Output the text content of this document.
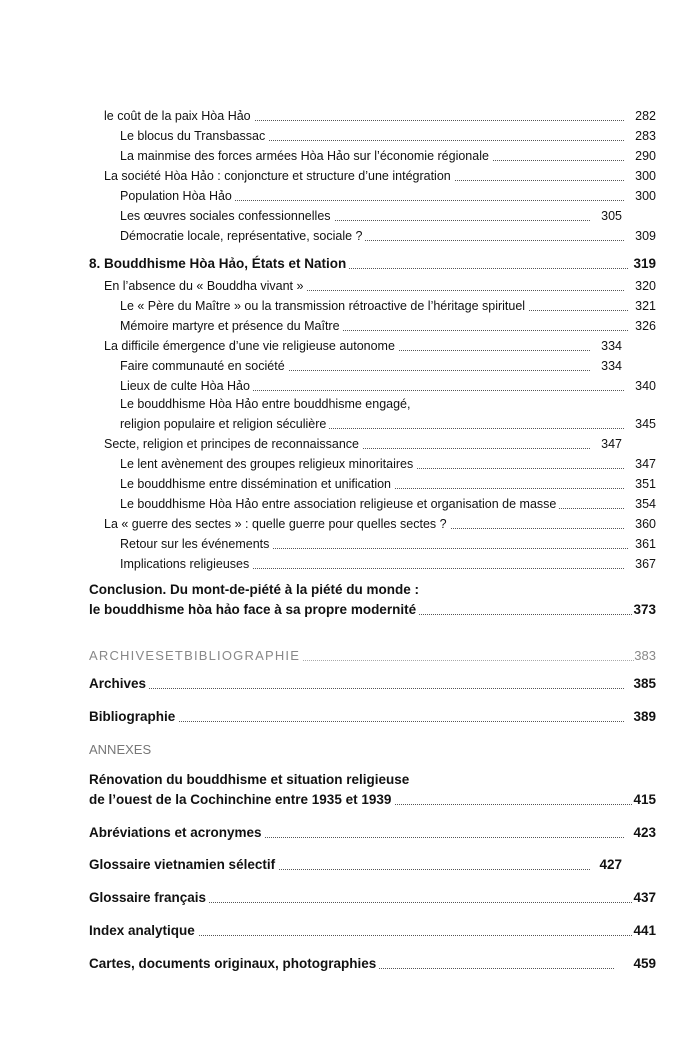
le coût de la paix Hòa Hảo	282
Le blocus du Transbassac	283
La mainmise des forces armées Hòa Hảo sur l’économie régionale	290
La société Hòa Hảo : conjoncture et structure d’une intégration	300
Population Hòa Hảo	300
Les œuvres sociales confessionnelles	305
Démocratie locale, représentative, sociale ?	309
8. Bouddhisme Hòa Hảo, États et Nation	319
En l’absence du « Bouddha vivant »	320
Le « Père du Maître » ou la transmission rétroactive de l’héritage spirituel	321
Mémoire martyre et présence du Maître	326
La difficile émergence d’une vie religieuse autonome	334
Faire communauté en société	334
Lieux de culte Hòa Hảo	340
Le bouddhisme Hòa Hảo entre bouddhisme engagé,
religion populaire et religion séculière	345
Secte, religion et principes de reconnaissance	347
Le lent avènement des groupes religieux minoritaires	347
Le bouddhisme entre dissémination et unification	351
Le bouddhisme Hòa Hảo entre association religieuse et organisation de masse	354
La « guerre des sectes » : quelle guerre pour quelles sectes ?	360
Retour sur les événements	361
Implications religieuses	367
Conclusion. Du mont-de-piété à la piété du monde :
le bouddhisme hòa hảo face à sa propre modernité	373
ARCHIVESETBIBLIOGRAPHIE	383
Archives	385
Bibliographie	389
ANNEXES
Rénovation du bouddhisme et situation religieuse
de l’ouest de la Cochinchine entre 1935 et 1939	415
Abréviations et acronymes	423
Glossaire vietnamien sélectif	427
Glossaire français	437
Index analytique	441
Cartes, documents originaux, photographies	459
